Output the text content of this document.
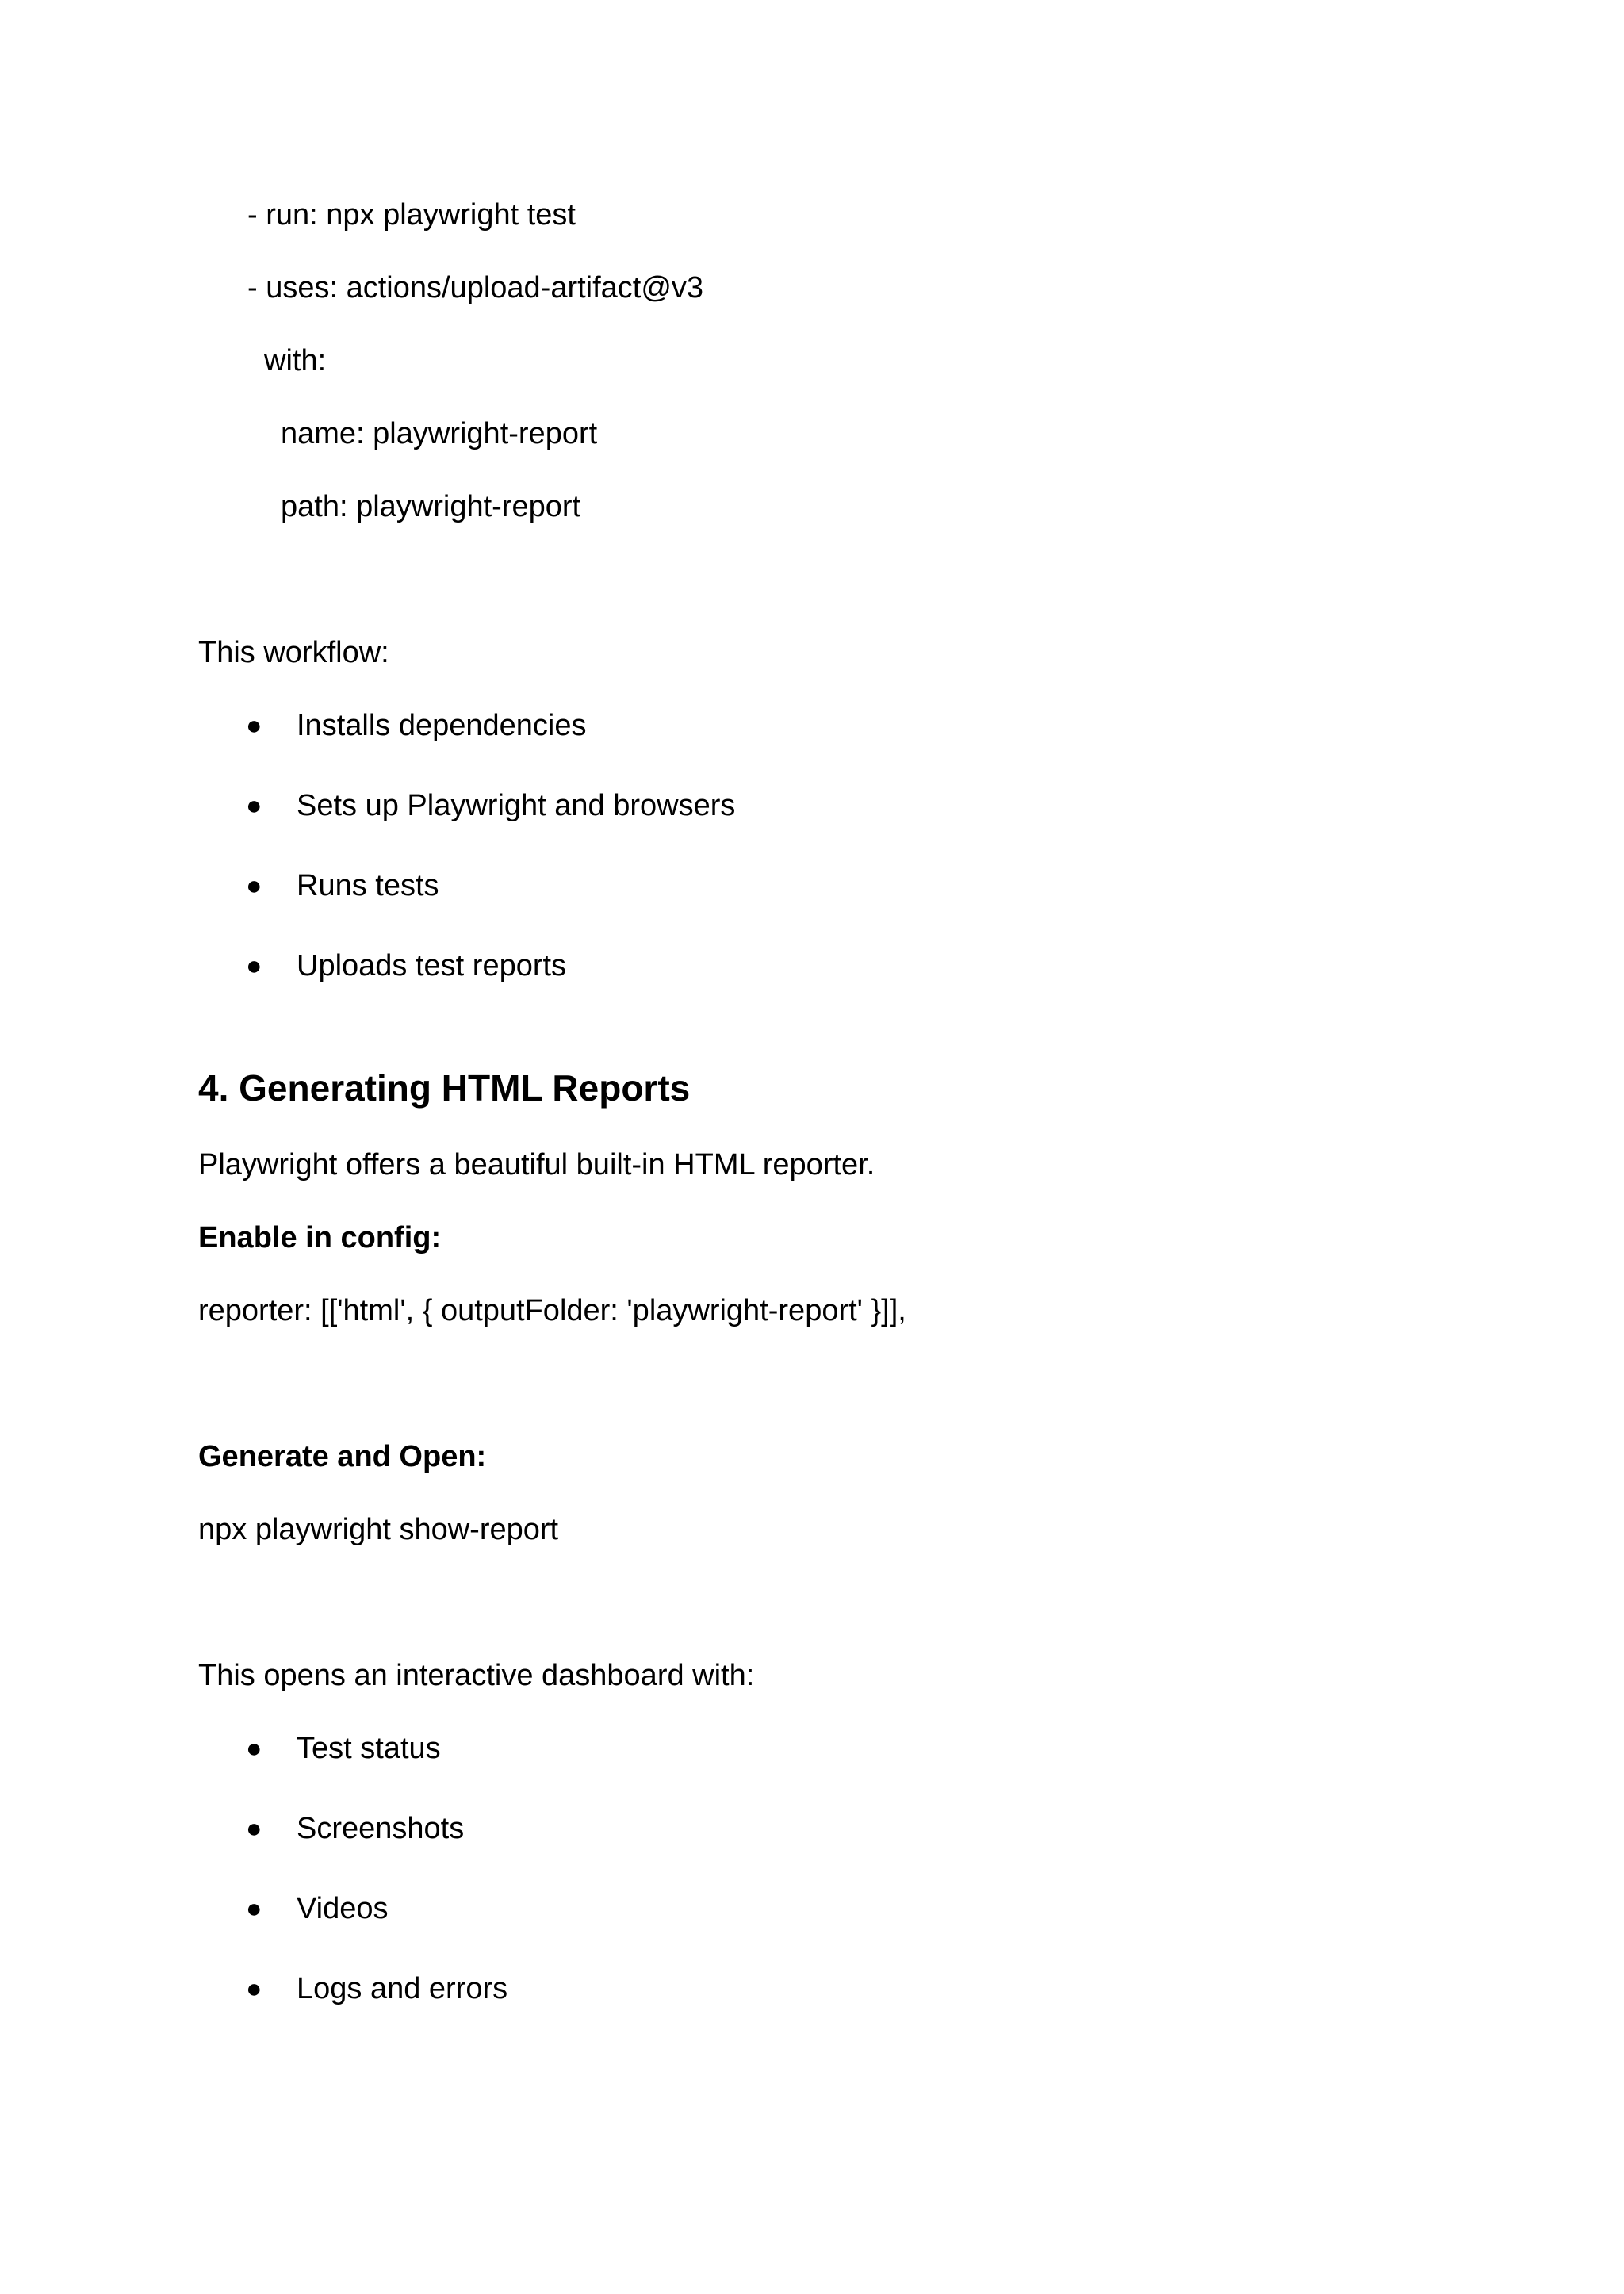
- run: npx playwright test
- uses: actions/upload-artifact@v3
with:
name: playwright-report
path: playwright-report
This workflow:
● Installs dependencies
● Sets up Playwright and browsers
● Runs tests
● Uploads test reports
4. Generating HTML Reports
Playwright offers a beautiful built-in HTML reporter.
Enable in config:
reporter: [['html', { outputFolder: 'playwright-report' }]],
Generate and Open:
npx playwright show-report
This opens an interactive dashboard with:
● Test status
● Screenshots
● Videos
● Logs and errors
